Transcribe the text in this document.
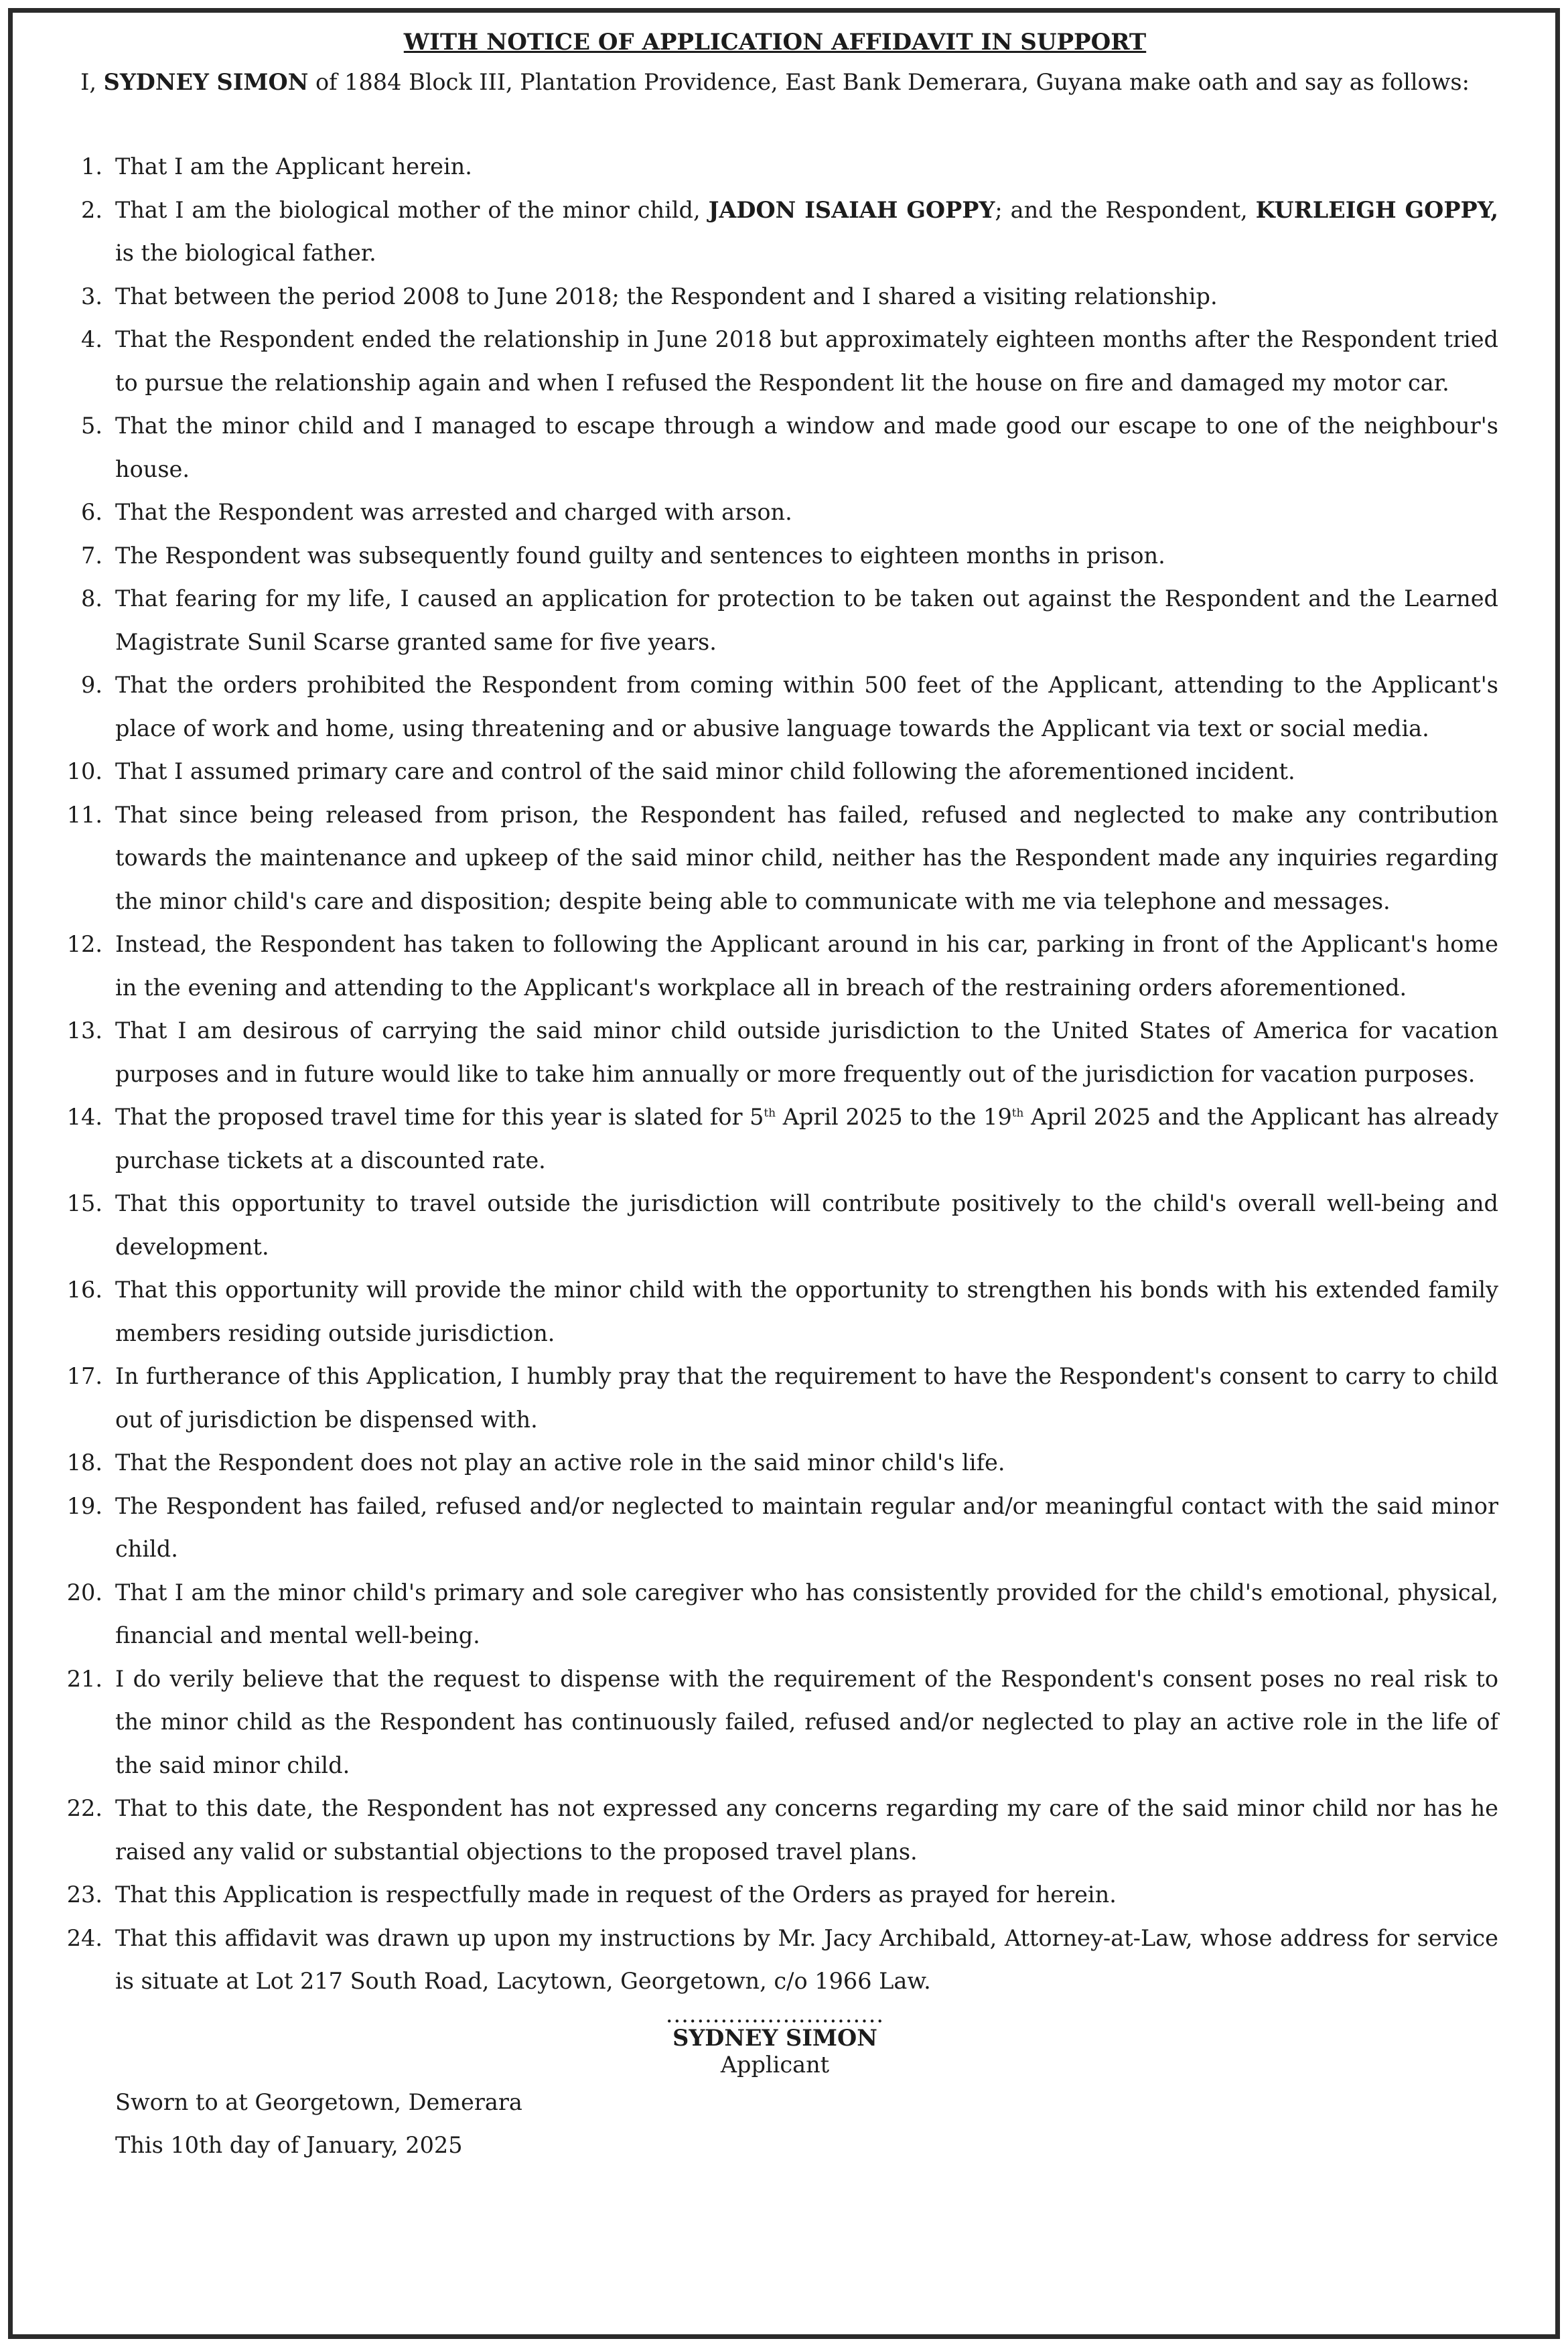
WITH NOTICE OF APPLICATION AFFIDAVIT IN SUPPORT

I, SYDNEY SIMON of 1884 Block III, Plantation Providence, East Bank Demerara, Guyana make oath and say as follows:

1. That I am the Applicant herein.
2. That I am the biological mother of the minor child, JADON ISAIAH GOPPY; and the Respondent, KURLEIGH GOPPY, is the biological father.
3. That between the period 2008 to June 2018; the Respondent and I shared a visiting relationship.
4. That the Respondent ended the relationship in June 2018 but approximately eighteen months after the Respondent tried to pursue the relationship again and when I refused the Respondent lit the house on fire and damaged my motor car.
5. That the minor child and I managed to escape through a window and made good our escape to one of the neighbour's house.
6. That the Respondent was arrested and charged with arson.
7. The Respondent was subsequently found guilty and sentences to eighteen months in prison.
8. That fearing for my life, I caused an application for protection to be taken out against the Respondent and the Learned Magistrate Sunil Scarse granted same for five years.
9. That the orders prohibited the Respondent from coming within 500 feet of the Applicant, attending to the Applicant's place of work and home, using threatening and or abusive language towards the Applicant via text or social media.
10. That I assumed primary care and control of the said minor child following the aforementioned incident.
11. That since being released from prison, the Respondent has failed, refused and neglected to make any contribution towards the maintenance and upkeep of the said minor child, neither has the Respondent made any inquiries regarding the minor child's care and disposition; despite being able to communicate with me via telephone and messages.
12. Instead, the Respondent has taken to following the Applicant around in his car, parking in front of the Applicant's home in the evening and attending to the Applicant's workplace all in breach of the restraining orders aforementioned.
13. That I am desirous of carrying the said minor child outside jurisdiction to the United States of America for vacation purposes and in future would like to take him annually or more frequently out of the jurisdiction for vacation purposes.
14. That the proposed travel time for this year is slated for 5th April 2025 to the 19th April 2025 and the Applicant has already purchase tickets at a discounted rate.
15. That this opportunity to travel outside the jurisdiction will contribute positively to the child's overall well-being and development.
16. That this opportunity will provide the minor child with the opportunity to strengthen his bonds with his extended family members residing outside jurisdiction.
17. In furtherance of this Application, I humbly pray that the requirement to have the Respondent's consent to carry to child out of jurisdiction be dispensed with.
18. That the Respondent does not play an active role in the said minor child's life.
19. The Respondent has failed, refused and/or neglected to maintain regular and/or meaningful contact with the said minor child.
20. That I am the minor child's primary and sole caregiver who has consistently provided for the child's emotional, physical, financial and mental well-being.
21. I do verily believe that the request to dispense with the requirement of the Respondent's consent poses no real risk to the minor child as the Respondent has continuously failed, refused and/or neglected to play an active role in the life of the said minor child.
22. That to this date, the Respondent has not expressed any concerns regarding my care of the said minor child nor has he raised any valid or substantial objections to the proposed travel plans.
23. That this Application is respectfully made in request of the Orders as prayed for herein.
24. That this affidavit was drawn up upon my instructions by Mr. Jacy Archibald, Attorney-at-Law, whose address for service is situate at Lot 217 South Road, Lacytown, Georgetown, c/o 1966 Law.
............................
SYDNEY SIMON
Applicant
Sworn to at Georgetown, Demerara
This 10th day of January, 2025
